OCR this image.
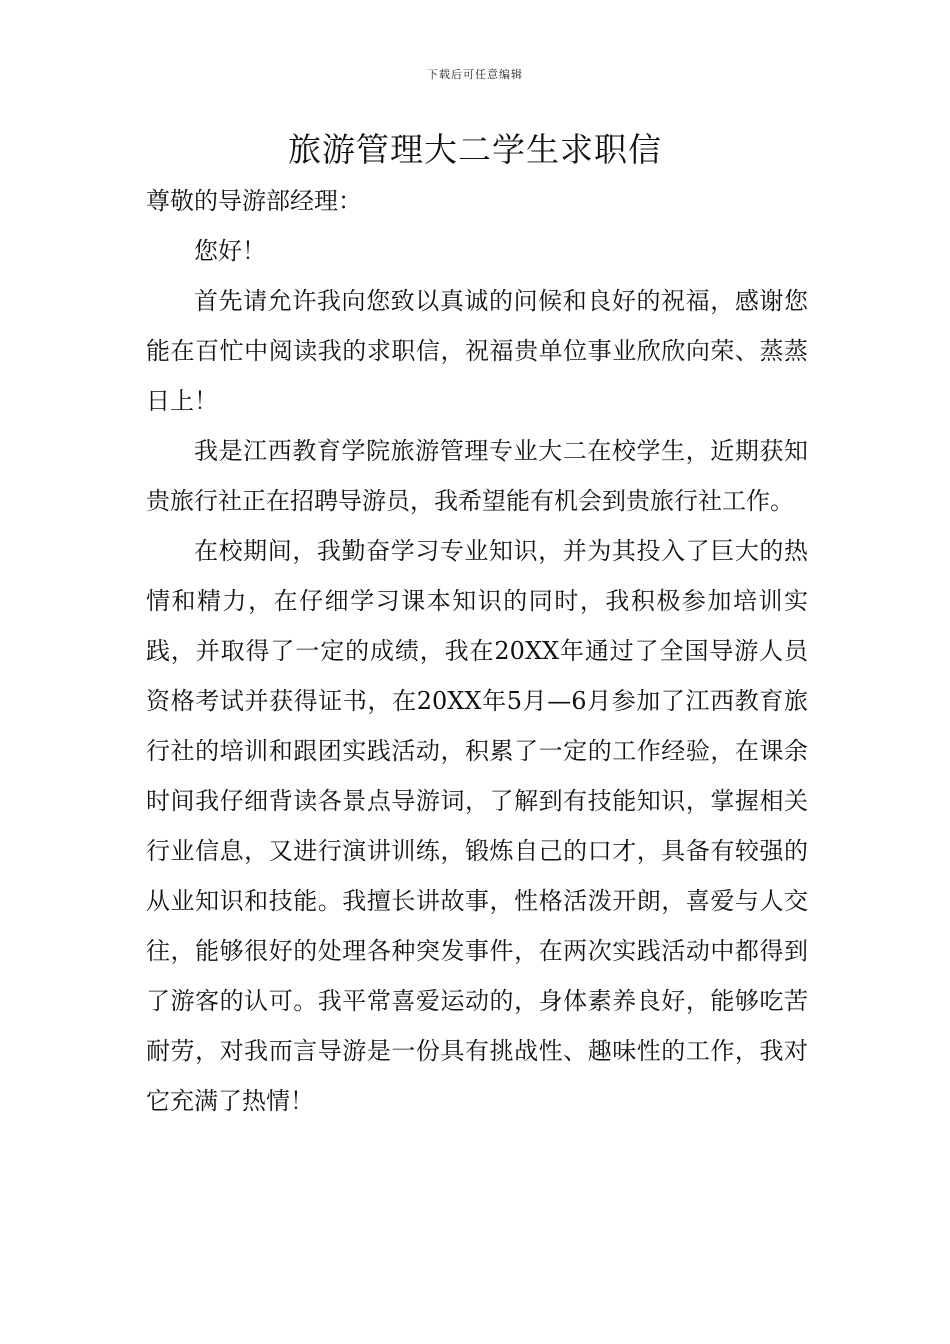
下载后可任意编辑
旅游管理大二学生求职信

尊敬的导游部经理：

您好！

首先请允许我向您致以真诚的问候和良好的祝福，感谢您能在百忙中阅读我的求职信，祝福贵单位事业欣欣向荣、蒸蒸日上！

我是江西教育学院旅游管理专业大二在校学生，近期获知贵旅行社正在招聘导游员，我希望能有机会到贵旅行社工作。

在校期间，我勤奋学习专业知识，并为其投入了巨大的热情和精力，在仔细学习课本知识的同时，我积极参加培训实践，并取得了一定的成绩，我在20XX年通过了全国导游人员资格考试并获得证书，在20XX年5月—6月参加了江西教育旅行社的培训和跟团实践活动，积累了一定的工作经验，在课余时间我仔细背读各景点导游词，了解到有技能知识，掌握相关行业信息，又进行演讲训练，锻炼自己的口才，具备有较强的从业知识和技能。我擅长讲故事，性格活泼开朗，喜爱与人交往，能够很好的处理各种突发事件，在两次实践活动中都得到了游客的认可。我平常喜爱运动的，身体素养良好，能够吃苦耐劳，对我而言导游是一份具有挑战性、趣味性的工作，我对它充满了热情！
